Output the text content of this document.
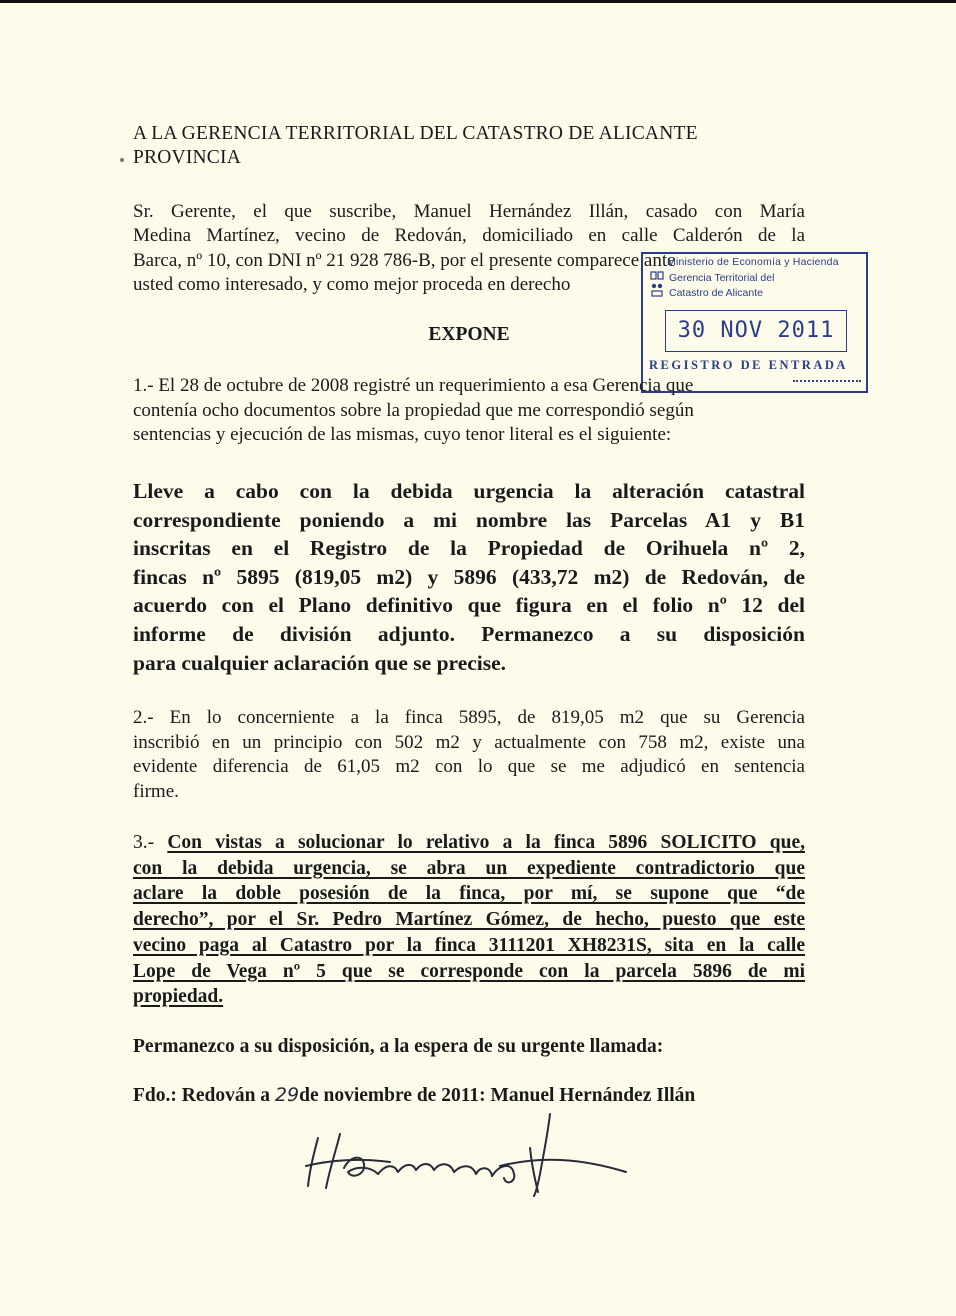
A LA GERENCIA TERRITORIAL DEL CATASTRO DE ALICANTE
PROVINCIA
Sr. Gerente, el que suscribe, Manuel Hernández Illán, casado con María
Medina Martínez, vecino de Redován, domiciliado en calle Calderón de la
Barca, nº 10, con DNI nº 21 928 786-B, por el presente comparece ante
usted como interesado, y como mejor proceda en derecho
Ministerio de Economía y Hacienda
Gerencia Territorial del
Catastro de Alicante
30 NOV 2011
REGISTRO DE ENTRADA
EXPONE
1.- El 28 de octubre de 2008 registré un requerimiento a esa Gerencia que
contenía ocho documentos sobre la propiedad que me correspondió según
sentencias y ejecución de las mismas, cuyo tenor literal es el siguiente:
Lleve a cabo con la debida urgencia la alteración catastral
correspondiente poniendo a mi nombre las Parcelas A1 y B1
inscritas en el Registro de la Propiedad de Orihuela nº 2,
fincas nº 5895 (819,05 m2) y 5896 (433,72 m2) de Redován, de
acuerdo con el Plano definitivo que figura en el folio nº 12 del
informe de división adjunto. Permanezco a su disposición
para cualquier aclaración que se precise.
2.- En lo concerniente a la finca 5895, de 819,05 m2 que su Gerencia
inscribió en un principio con 502 m2 y actualmente con 758 m2, existe una
evidente diferencia de 61,05 m2 con lo que se me adjudicó en sentencia
firme.
3.- Con vistas a solucionar lo relativo a la finca 5896 SOLICITO que,
con la debida urgencia, se abra un expediente contradictorio que
aclare la doble posesión de la finca, por mí, se supone que “de
derecho”, por el Sr. Pedro Martínez Gómez, de hecho, puesto que este
vecino paga al Catastro por la finca 3111201 XH8231S, sita en la calle
Lope de Vega nº 5 que se corresponde con la parcela 5896 de mi
propiedad.
Permanezco a su disposición, a la espera de su urgente llamada:
Fdo.: Redován a 29de noviembre de 2011: Manuel Hernández Illán
